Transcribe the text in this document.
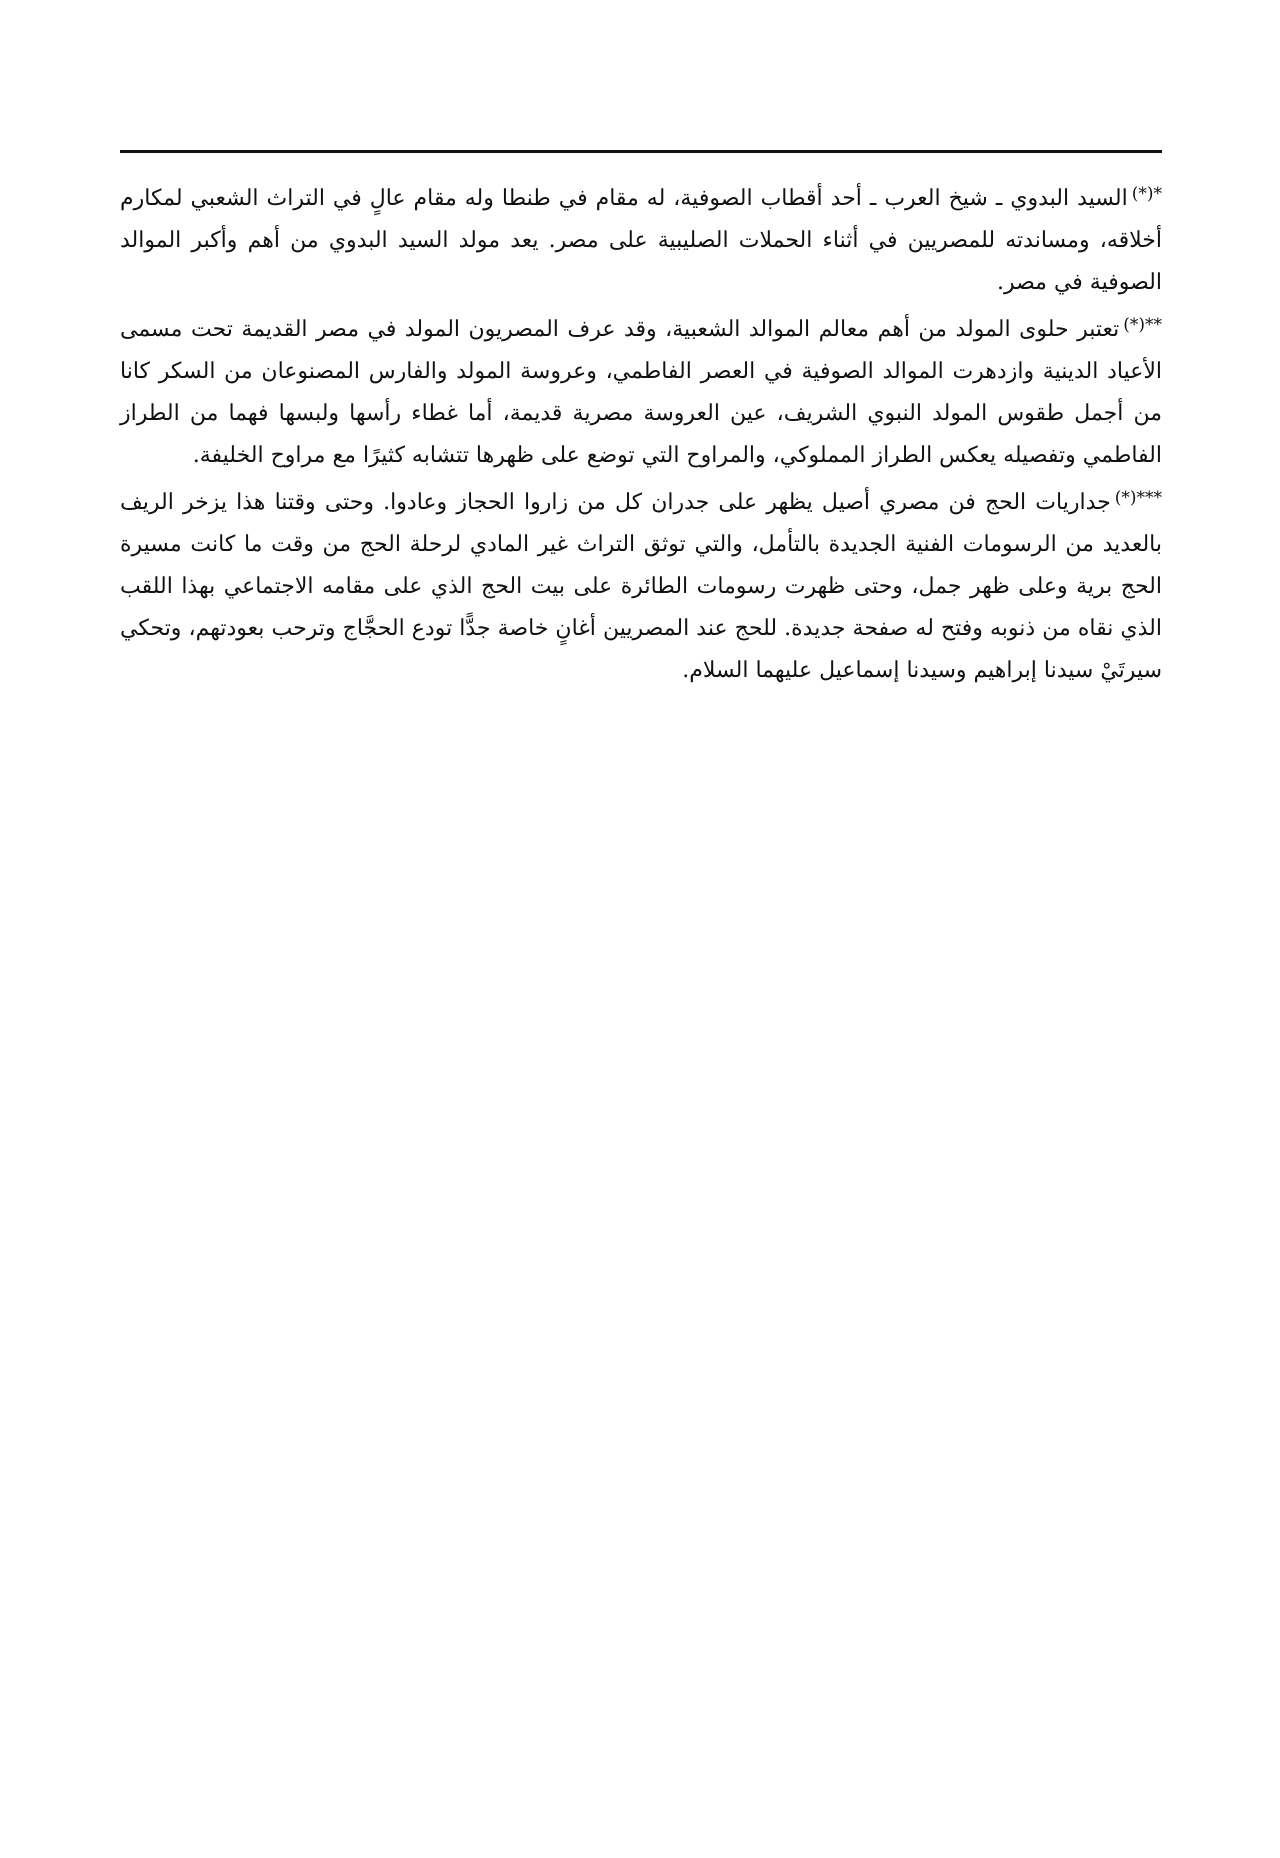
*(*)السيد البدوي ـ شيخ العرب ـ أحد أقطاب الصوفية، له مقام في طنطا وله مقام عالٍ في التراث الشعبي لمكارم أخلاقه، ومساندته للمصريين في أثناء الحملات الصليبية على مصر. يعد مولد السيد البدوي من أهم وأكبر الموالد الصوفية في مصر.

**(*)تعتبر حلوى المولد من أهم معالم الموالد الشعبية، وقد عرف المصريون المولد في مصر القديمة تحت مسمى الأعياد الدينية وازدهرت الموالد الصوفية في العصر الفاطمي، وعروسة المولد والفارس المصنوعان من السكر كانا من أجمل طقوس المولد النبوي الشريف، عين العروسة مصرية قديمة، أما غطاء رأسها ولبسها فهما من الطراز الفاطمي وتفصيله يعكس الطراز المملوكي، والمراوح التي توضع على ظهرها تتشابه كثيرًا مع مراوح الخليفة.

***(*)جداريات الحج فن مصري أصيل يظهر على جدران كل من زاروا الحجاز وعادوا. وحتى وقتنا هذا يزخر الريف بالعديد من الرسومات الفنية الجديدة بالتأمل، والتي توثق التراث غير المادي لرحلة الحج من وقت ما كانت مسيرة الحج برية وعلى ظهر جمل، وحتى ظهرت رسومات الطائرة على بيت الحج الذي على مقامه الاجتماعي بهذا اللقب الذي نقاه من ذنوبه وفتح له صفحة جديدة. للحج عند المصريين أغانٍ خاصة جدًّا تودع الحجَّاج وترحب بعودتهم، وتحكي سيرتَيْ سيدنا إبراهيم وسيدنا إسماعيل عليهما السلام.
